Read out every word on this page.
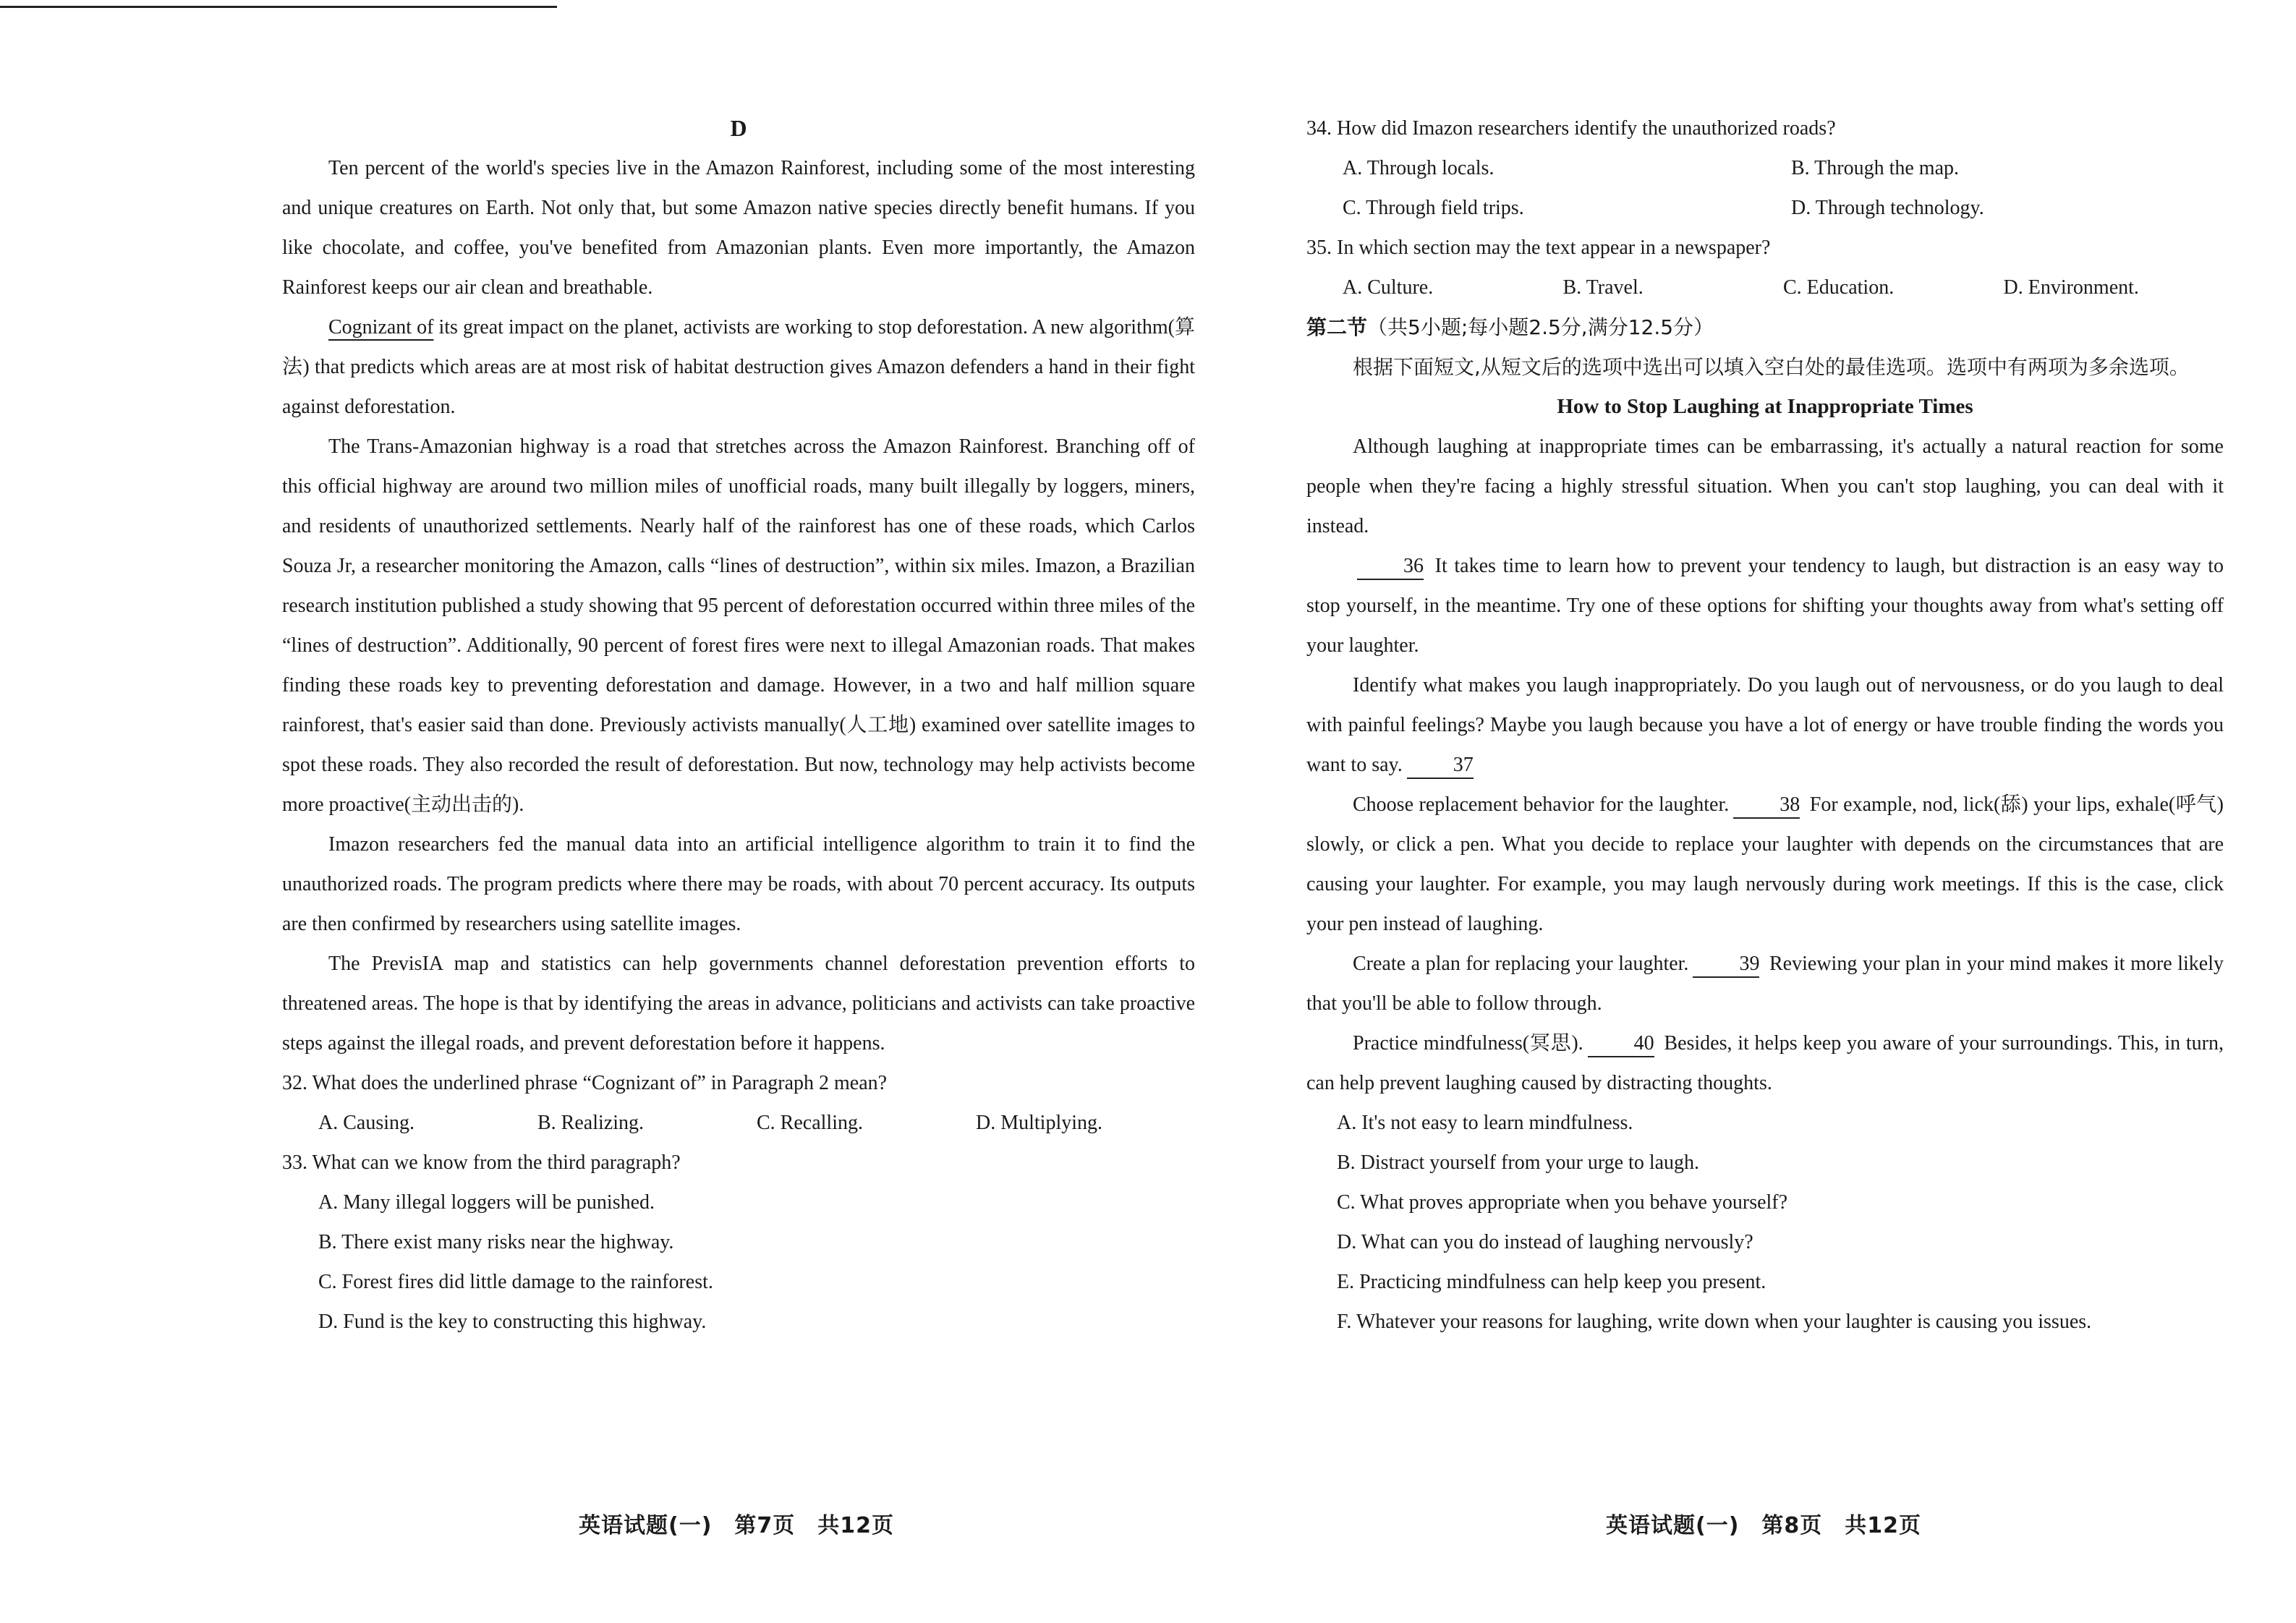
D

Ten percent of the world's species live in the Amazon Rainforest, including some of the most interesting and unique creatures on Earth. Not only that, but some Amazon native species directly benefit humans. If you like chocolate, and coffee, you've benefited from Amazonian plants. Even more importantly, the Amazon Rainforest keeps our air clean and breathable.

Cognizant of its great impact on the planet, activists are working to stop deforestation. A new algorithm(算法) that predicts which areas are at most risk of habitat destruction gives Amazon defenders a hand in their fight against deforestation.

The Trans-Amazonian highway is a road that stretches across the Amazon Rainforest. Branching off of this official highway are around two million miles of unofficial roads, many built illegally by loggers, miners, and residents of unauthorized settlements. Nearly half of the rainforest has one of these roads, which Carlos Souza Jr, a researcher monitoring the Amazon, calls “lines of destruction”, within six miles. Imazon, a Brazilian research institution published a study showing that 95 percent of deforestation occurred within three miles of the “lines of destruction”. Additionally, 90 percent of forest fires were next to illegal Amazonian roads. That makes finding these roads key to preventing deforestation and damage. However, in a two and half million square rainforest, that's easier said than done. Previously activists manually(人工地) examined over satellite images to spot these roads. They also recorded the result of deforestation. But now, technology may help activists become more proactive(主动出击的).

Imazon researchers fed the manual data into an artificial intelligence algorithm to train it to find the unauthorized roads. The program predicts where there may be roads, with about 70 percent accuracy. Its outputs are then confirmed by researchers using satellite images.

The PrevisIA map and statistics can help governments channel deforestation prevention efforts to threatened areas. The hope is that by identifying the areas in advance, politicians and activists can take proactive steps against the illegal roads, and prevent deforestation before it happens.

32. What does the underlined phrase “Cognizant of” in Paragraph 2 mean?
A. Causing.	B. Realizing.	C. Recalling.	D. Multiplying.
33. What can we know from the third paragraph?
A. Many illegal loggers will be punished.
B. There exist many risks near the highway.
C. Forest fires did little damage to the rainforest.
D. Fund is the key to constructing this highway.
34. How did Imazon researchers identify the unauthorized roads?
A. Through locals.	B. Through the map.
C. Through field trips.	D. Through technology.
35. In which section may the text appear in a newspaper?
A. Culture.	B. Travel.	C. Education.	D. Environment.

第二节（共5小题;每小题2.5分,满分12.5分）

根据下面短文,从短文后的选项中选出可以填入空白处的最佳选项。选项中有两项为多余选项。

How to Stop Laughing at Inappropriate Times

Although laughing at inappropriate times can be embarrassing, it's actually a natural reaction for some people when they're facing a highly stressful situation. When you can't stop laughing, you can deal with it instead.

36 It takes time to learn how to prevent your tendency to laugh, but distraction is an easy way to stop yourself, in the meantime. Try one of these options for shifting your thoughts away from what's setting off your laughter.

Identify what makes you laugh inappropriately. Do you laugh out of nervousness, or do you laugh to deal with painful feelings? Maybe you laugh because you have a lot of energy or have trouble finding the words you want to say.	37

Choose replacement behavior for the laughter.	38 For example, nod, lick(舔) your lips, exhale(呼气) slowly, or click a pen. What you decide to replace your laughter with depends on the circumstances that are causing your laughter. For example, you may laugh nervously during work meetings. If this is the case, click your pen instead of laughing.

Create a plan for replacing your laughter.	39 Reviewing your plan in your mind makes it more likely that you'll be able to follow through.

Practice mindfulness(冥思).	40 Besides, it helps keep you aware of your surroundings. This, in turn, can help prevent laughing caused by distracting thoughts.

A. It's not easy to learn mindfulness.
B. Distract yourself from your urge to laugh.
C. What proves appropriate when you behave yourself?
D. What can you do instead of laughing nervously?
E. Practicing mindfulness can help keep you present.
F. Whatever your reasons for laughing, write down when your laughter is causing you issues.
英语试题(一)　第7页　共12页	英语试题(一)　第8页　共12页
